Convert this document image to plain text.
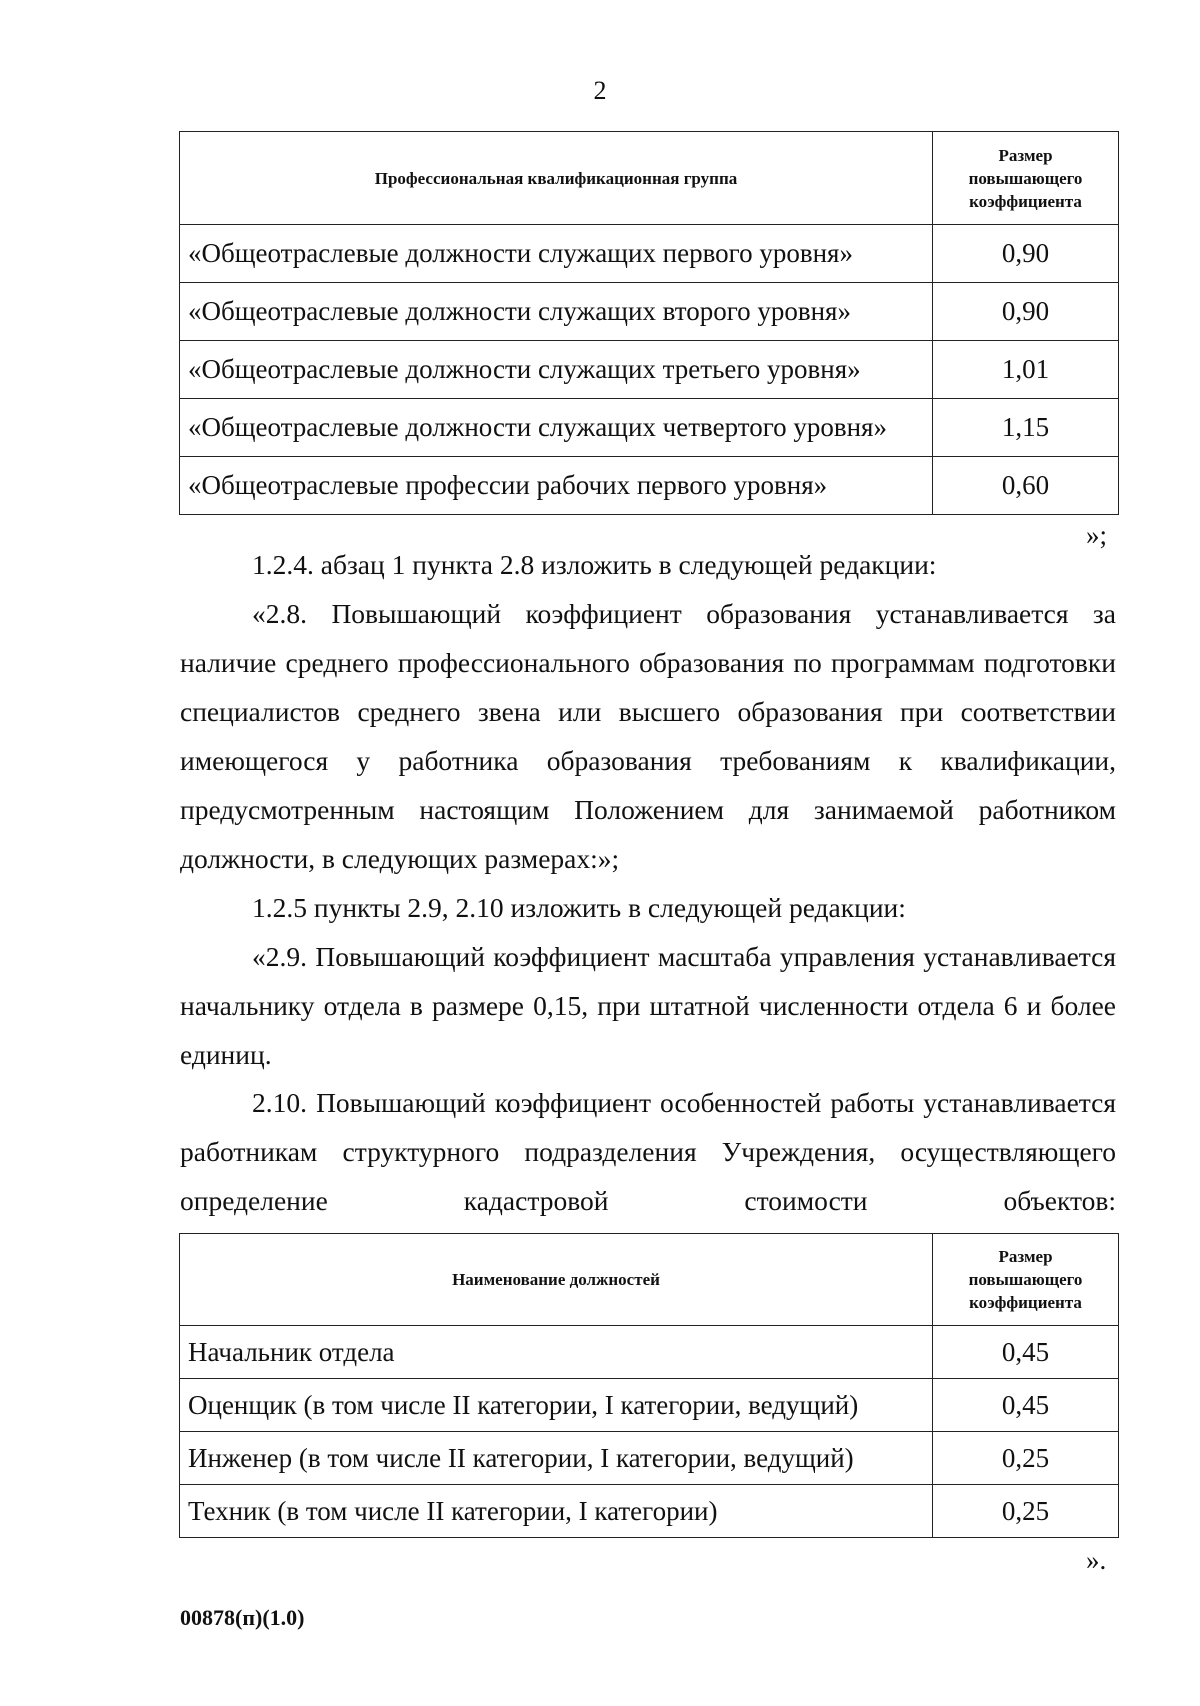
2
Профессиональная квалификационная группа	Размер повышающего коэффициента
«Общеотраслевые должности служащих первого уровня»	0,90
«Общеотраслевые должности служащих второго уровня»	0,90
«Общеотраслевые должности служащих третьего уровня»	1,01
«Общеотраслевые должности служащих четвертого уровня»	1,15
«Общеотраслевые профессии рабочих первого уровня»	0,60
»;

1.2.4. абзац 1 пункта 2.8 изложить в следующей редакции:

«2.8. Повышающий коэффициент образования устанавливается за наличие среднего профессионального образования по программам подготовки специалистов среднего звена или высшего образования при соответствии имеющегося у работника образования требованиям к квалификации, предусмотренным настоящим Положением для занимаемой работником должности, в следующих размерах:»;

1.2.5 пункты 2.9, 2.10 изложить в следующей редакции:

«2.9. Повышающий коэффициент масштаба управления устанавливается начальнику отдела в размере 0,15, при штатной численности отдела 6 и более единиц.

2.10. Повышающий коэффициент особенностей работы устанавливается работникам структурного подразделения Учреждения, осуществляющего определение кадастровой стоимости объектов:

Наименование должностей	Размер повышающего коэффициента
Начальник отдела	0,45
Оценщик (в том числе II категории, I категории, ведущий)	0,45
Инженер (в том числе II категории, I категории, ведущий)	0,25
Техник (в том числе II категории, I категории)	0,25
».
00878(п)(1.0)
